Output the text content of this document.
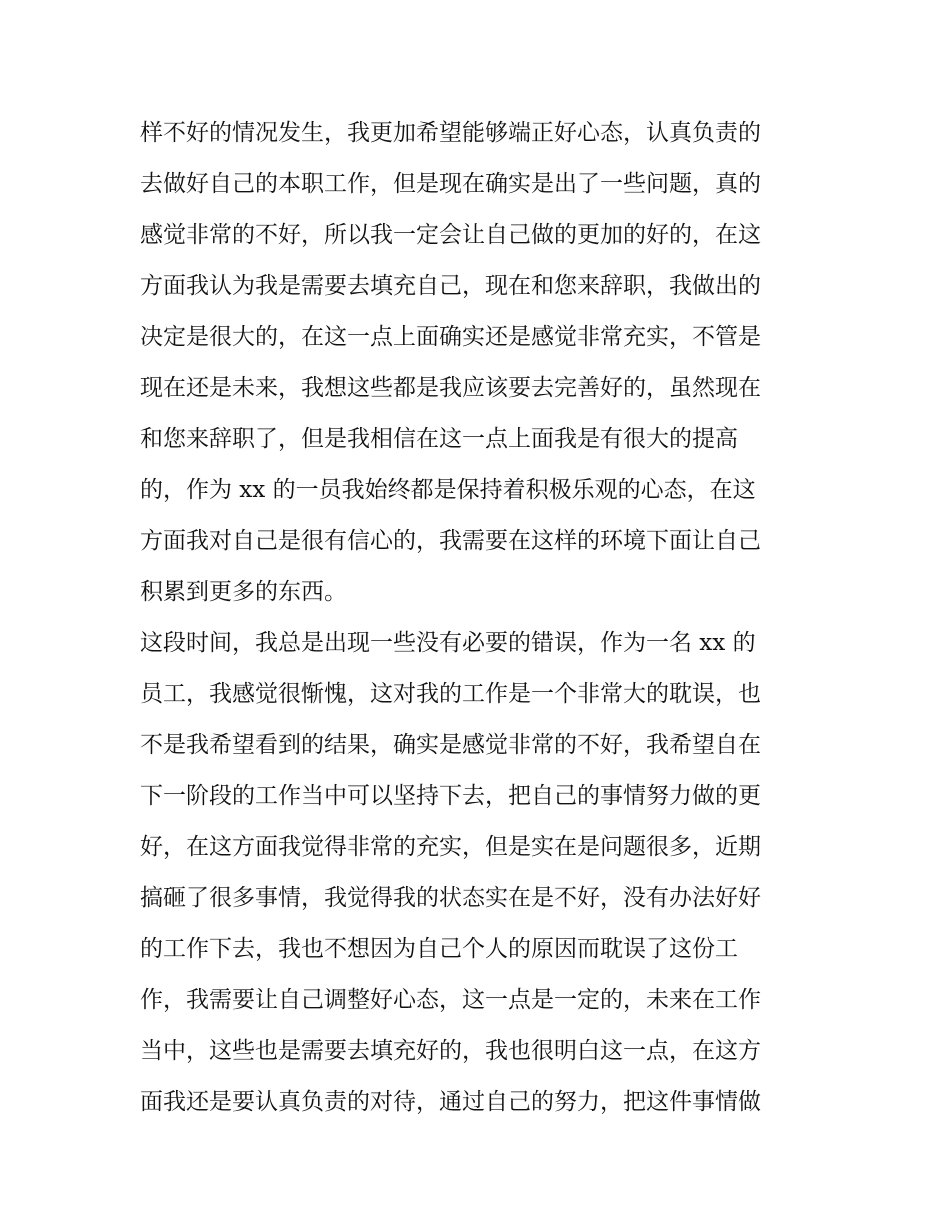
样不好的情况发生，我更加希望能够端正好心态，认真负责的
去做好自己的本职工作，但是现在确实是出了一些问题，真的
感觉非常的不好，所以我一定会让自己做的更加的好的，在这
方面我认为我是需要去填充自己，现在和您来辞职，我做出的
决定是很大的，在这一点上面确实还是感觉非常充实，不管是
现在还是未来，我想这些都是我应该要去完善好的，虽然现在
和您来辞职了，但是我相信在这一点上面我是有很大的提高
的，作为 xx 的一员我始终都是保持着积极乐观的心态，在这
方面我对自己是很有信心的，我需要在这样的环境下面让自己
积累到更多的东西。
这段时间，我总是出现一些没有必要的错误，作为一名 xx 的
员工，我感觉很惭愧，这对我的工作是一个非常大的耽误，也
不是我希望看到的结果，确实是感觉非常的不好，我希望自在
下一阶段的工作当中可以坚持下去，把自己的事情努力做的更
好，在这方面我觉得非常的充实，但是实在是问题很多，近期
搞砸了很多事情，我觉得我的状态实在是不好，没有办法好好
的工作下去，我也不想因为自己个人的原因而耽误了这份工
作，我需要让自己调整好心态，这一点是一定的，未来在工作
当中，这些也是需要去填充好的，我也很明白这一点，在这方
面我还是要认真负责的对待，通过自己的努力，把这件事情做
